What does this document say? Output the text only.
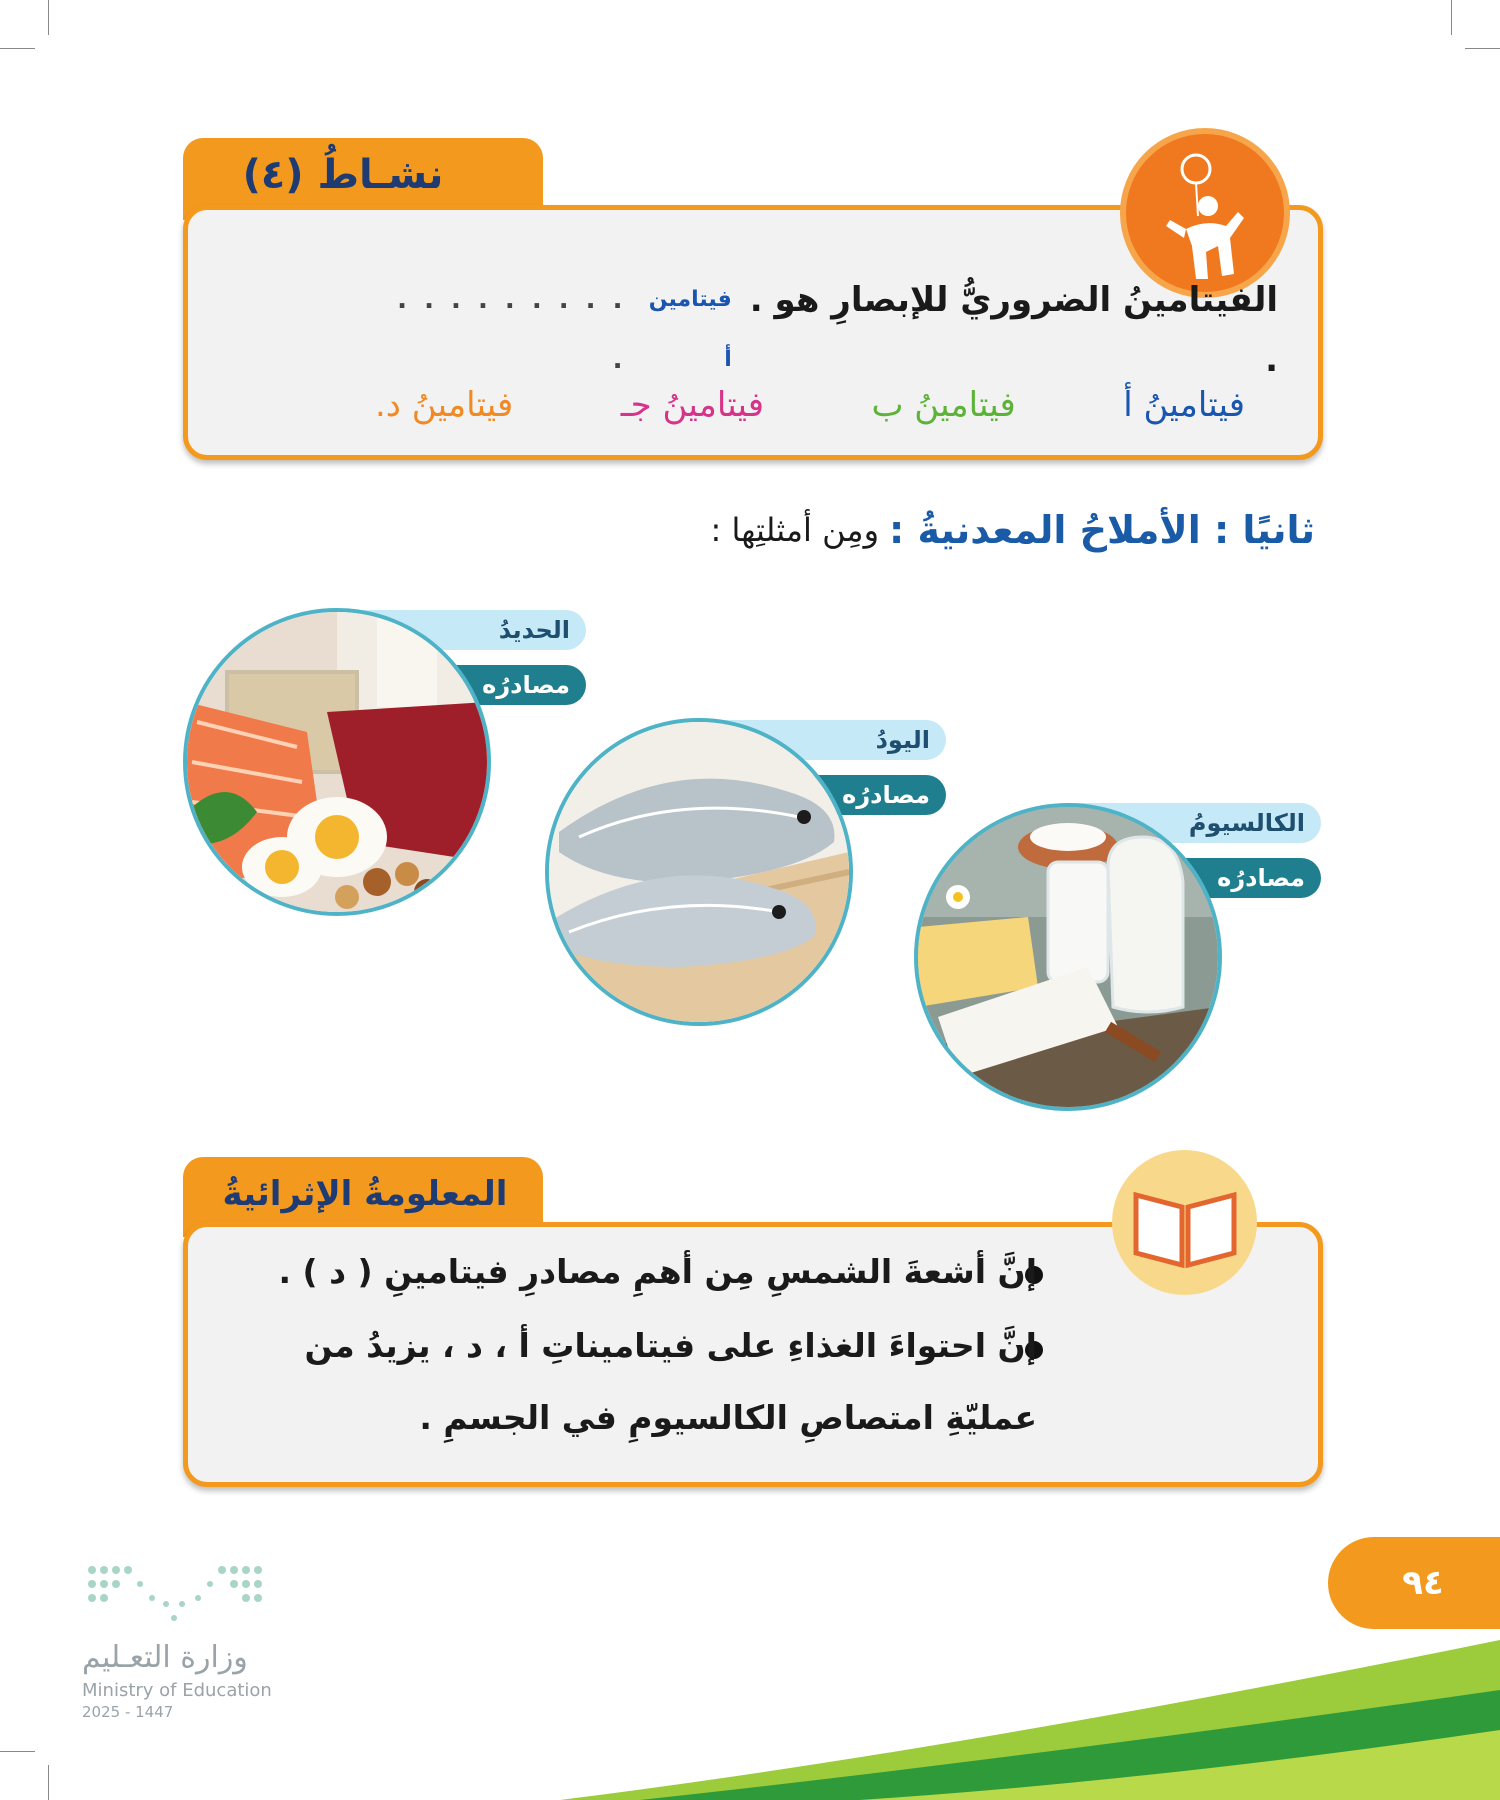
نشـاطُ (٤)
الفيتامينُ الضروريُّ للإبصارِ هو . .
فيتامين أ
. . . . . . . . . .
فيتامينُ أ
فيتامينُ ب
فيتامينُ جـ
فيتامينُ د.
ثانيًا : الأملاحُ المعدنيةُ :
ومِن أمثلتِها :
الحديدُ
مصادرُه
اليودُ
مصادرُه
الكالسيومُ
مصادرُه
المعلومةُ الإثرائيةُ
إنَّ أشعةَ الشمسِ مِن أهمِ مصادرِ فيتامينِ ( د ) .
إنَّ احتواءَ الغذاءِ على فيتاميناتِ أ ، د ، يزيدُ من عمليّةِ امتصاصِ الكالسيومِ في الجسمِ .
٩٤
وزارة التعـليم
Ministry of Education
2025 - 1447
